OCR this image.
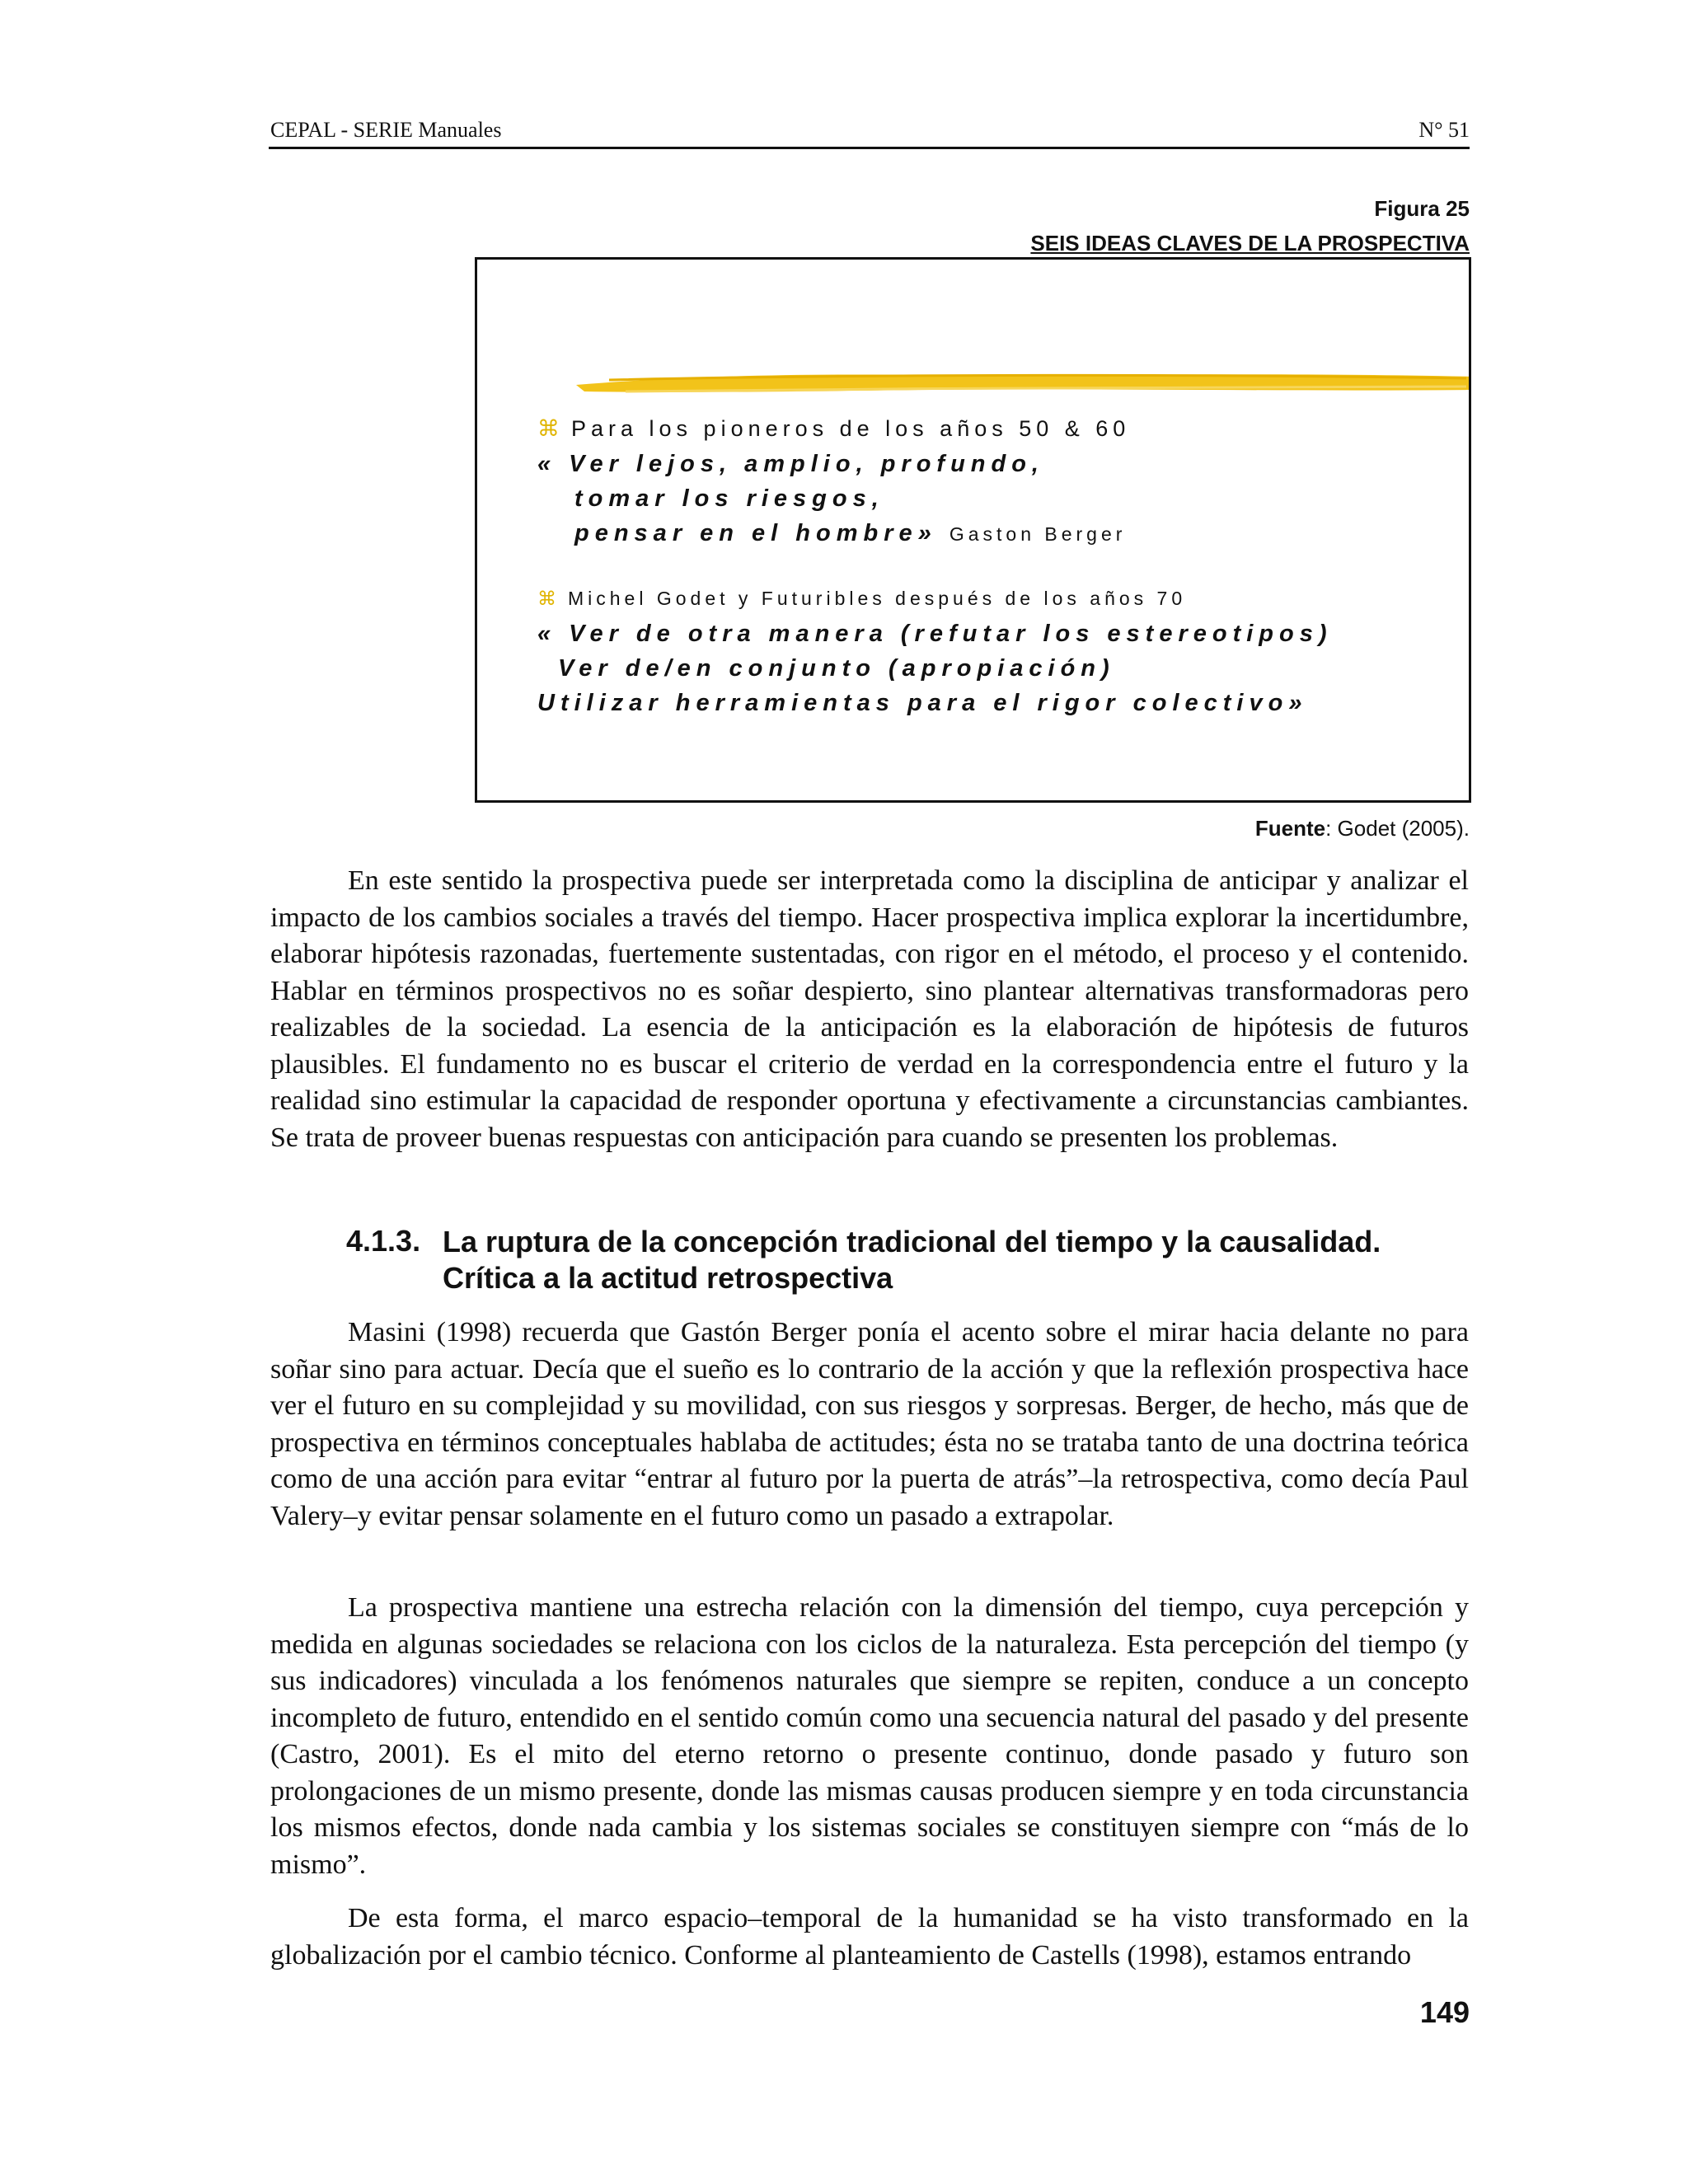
CEPAL - SERIE Manuales	N° 51
Figura 25
SEIS IDEAS CLAVES DE LA PROSPECTIVA
⌘ Para los pioneros de los años 50 & 60
« Ver lejos, amplio, profundo,
tomar los riesgos,
pensar en el hombre» Gaston Berger
⌘ Michel Godet y Futuribles después de los años 70
« Ver de otra manera (refutar los estereotipos)
Ver de/en conjunto (apropiación)
Utilizar herramientas para el rigor colectivo»
Fuente: Godet (2005).

En este sentido la prospectiva puede ser interpretada como la disciplina de anticipar y analizar el impacto de los cambios sociales a través del tiempo. Hacer prospectiva implica explorar la incertidumbre, elaborar hipótesis razonadas, fuertemente sustentadas, con rigor en el método, el proceso y el contenido. Hablar en términos prospectivos no es soñar despierto, sino plantear alternativas transformadoras pero realizables de la sociedad. La esencia de la anticipación es la elaboración de hipótesis de futuros plausibles. El fundamento no es buscar el criterio de verdad en la correspondencia entre el futuro y la realidad sino estimular la capacidad de responder oportuna y efectivamente a circunstancias cambiantes. Se trata de proveer buenas respuestas con anticipación para cuando se presenten los problemas.

4.1.3. La ruptura de la concepción tradicional del tiempo y la causalidad.
Crítica a la actitud retrospectiva

Masini (1998) recuerda que Gastón Berger ponía el acento sobre el mirar hacia delante no para soñar sino para actuar. Decía que el sueño es lo contrario de la acción y que la reflexión prospectiva hace ver el futuro en su complejidad y su movilidad, con sus riesgos y sorpresas. Berger, de hecho, más que de prospectiva en términos conceptuales hablaba de actitudes; ésta no se trataba tanto de una doctrina teórica como de una acción para evitar “entrar al futuro por la puerta de atrás”–la retrospectiva, como decía Paul Valery–y evitar pensar solamente en el futuro como un pasado a extrapolar.

La prospectiva mantiene una estrecha relación con la dimensión del tiempo, cuya percepción y medida en algunas sociedades se relaciona con los ciclos de la naturaleza. Esta percepción del tiempo (y sus indicadores) vinculada a los fenómenos naturales que siempre se repiten, conduce a un concepto incompleto de futuro, entendido en el sentido común como una secuencia natural del pasado y del presente (Castro, 2001). Es el mito del eterno retorno o presente continuo, donde pasado y futuro son prolongaciones de un mismo presente, donde las mismas causas producen siempre y en toda circunstancia los mismos efectos, donde nada cambia y los sistemas sociales se constituyen siempre con “más de lo mismo”.

De esta forma, el marco espacio–temporal de la humanidad se ha visto transformado en la globalización por el cambio técnico. Conforme al planteamiento de Castells (1998), estamos entrando

149
